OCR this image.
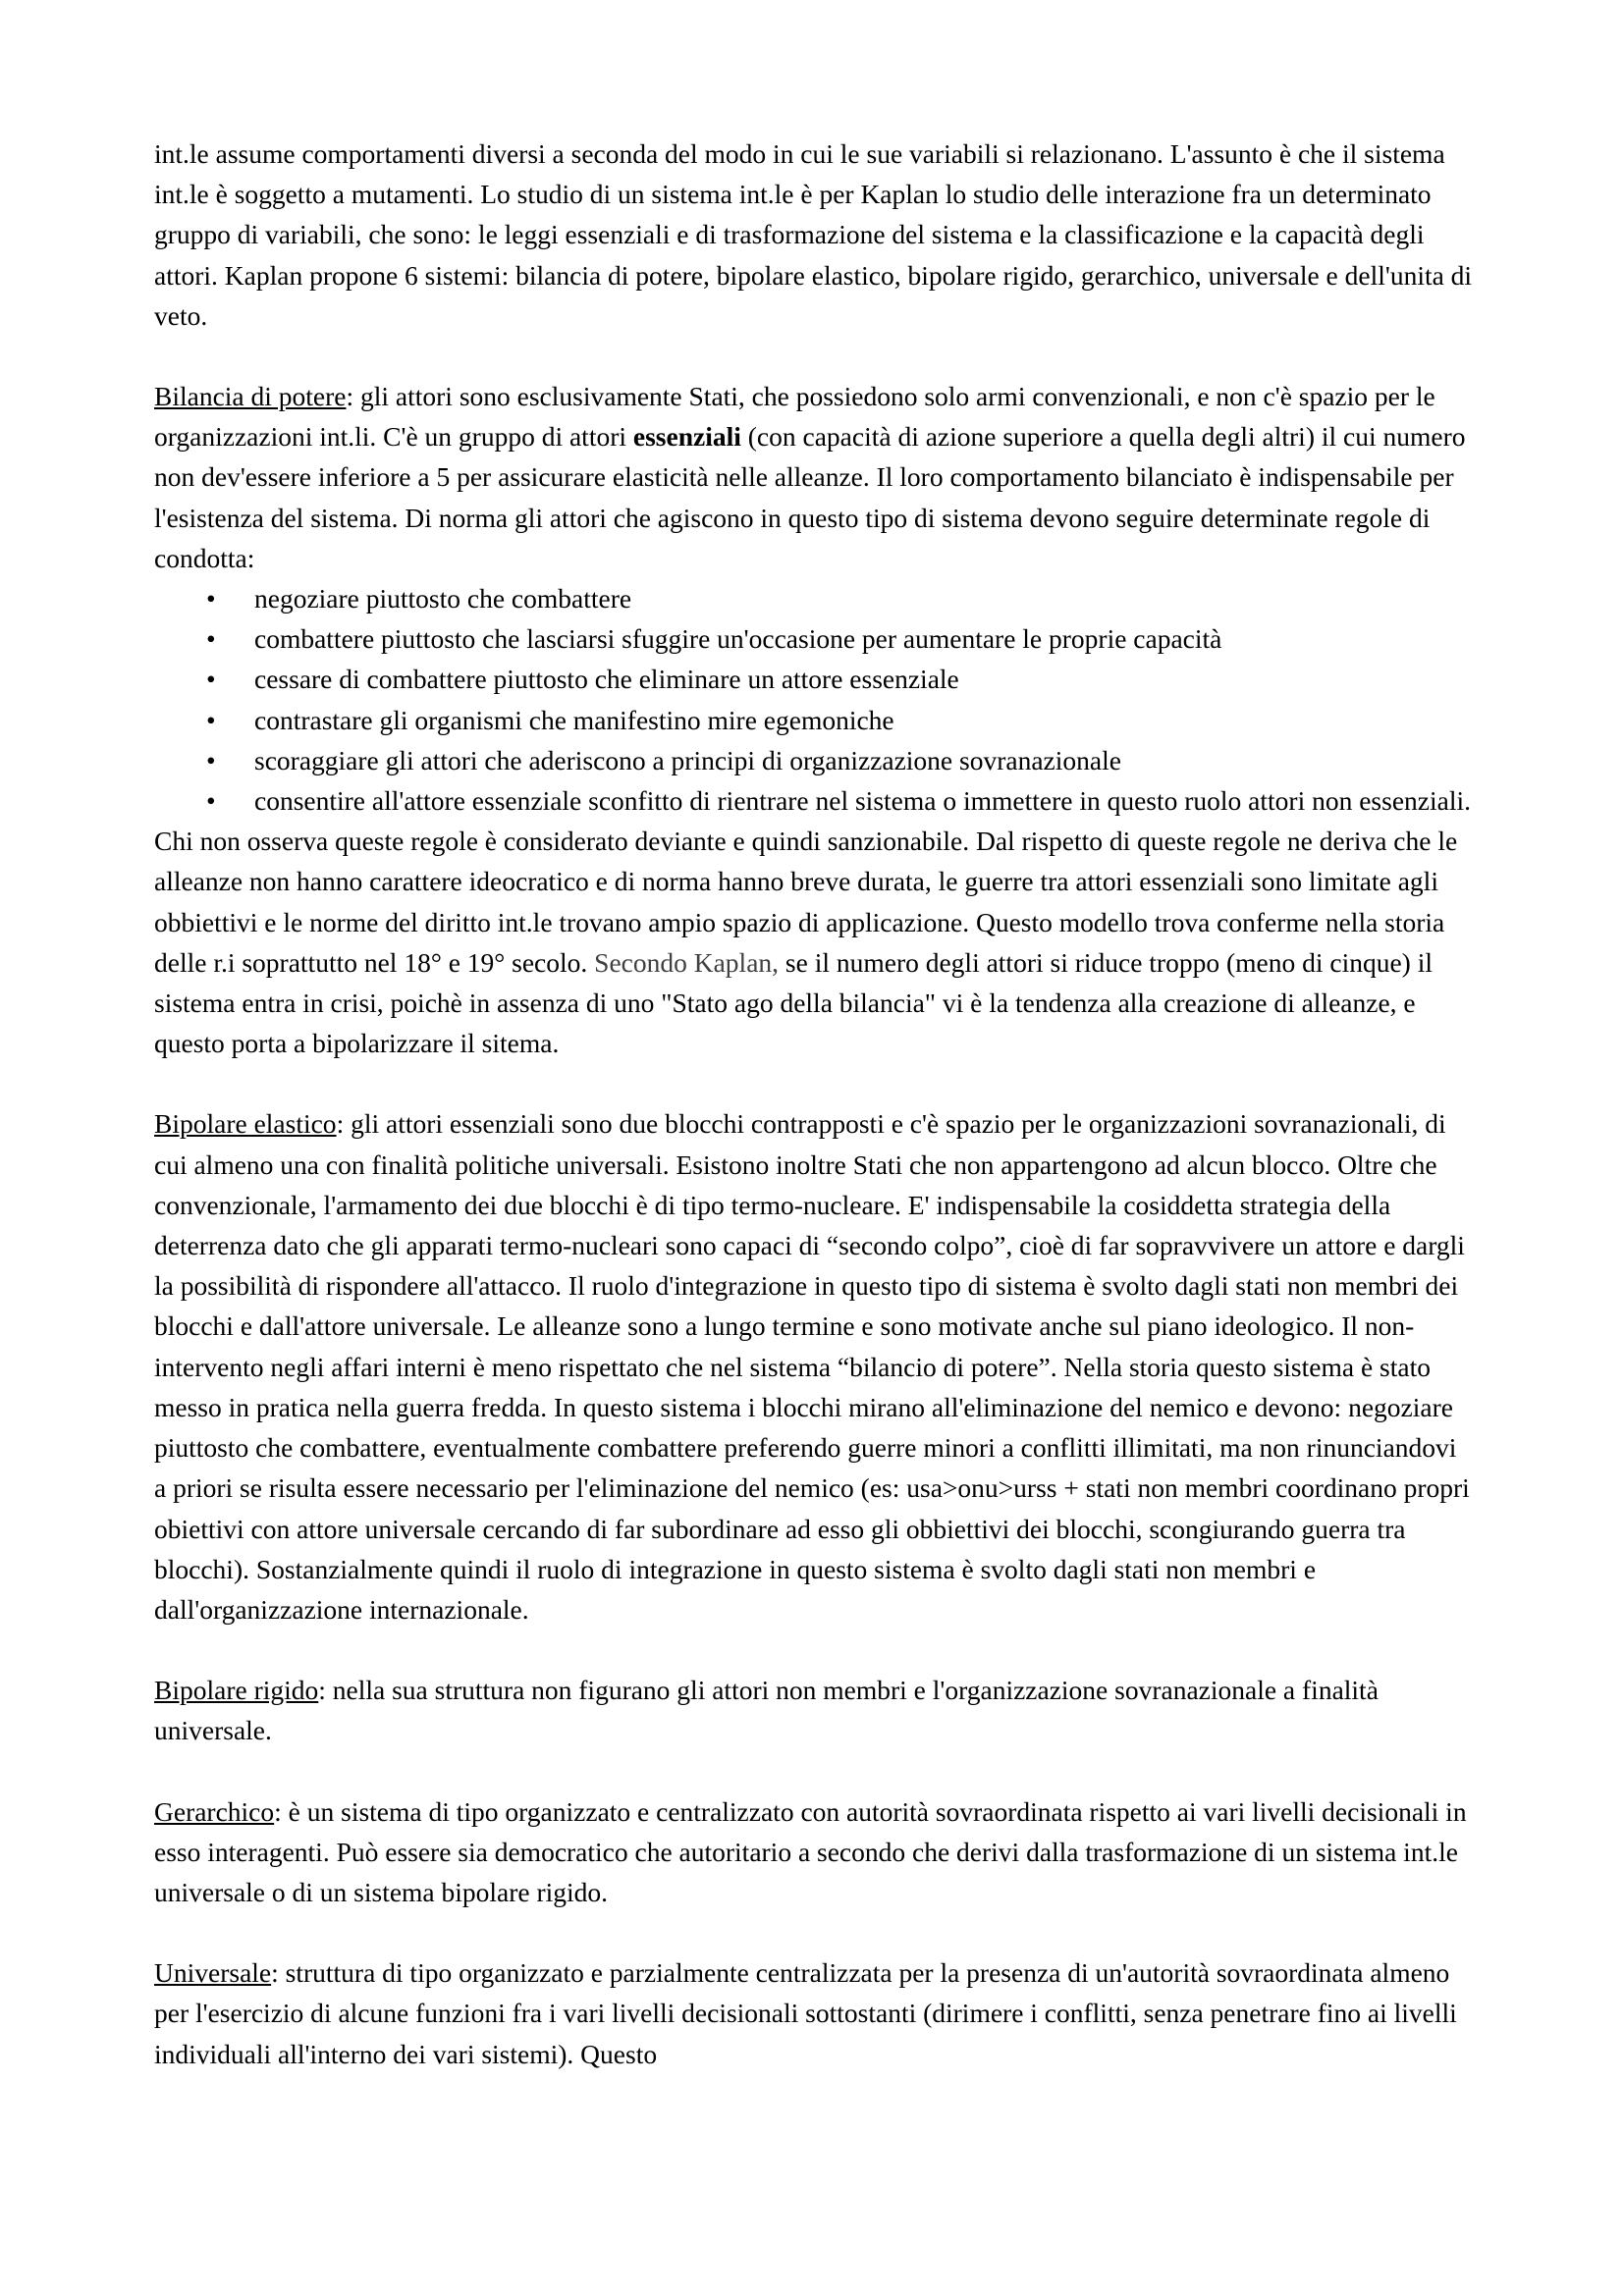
int.le assume comportamenti diversi a seconda del modo in cui le sue variabili si relazionano. L'assunto è che il sistema int.le è soggetto a mutamenti. Lo studio di un sistema int.le è per Kaplan lo studio delle interazione fra un determinato gruppo di variabili, che sono: le leggi essenziali e di trasformazione del sistema e la classificazione e la capacità degli attori. Kaplan propone 6 sistemi: bilancia di potere, bipolare elastico, bipolare rigido, gerarchico, universale e dell'unita di veto.

Bilancia di potere: gli attori sono esclusivamente Stati, che possiedono solo armi convenzionali, e non c'è spazio per le organizzazioni int.li. C'è un gruppo di attori essenziali (con capacità di azione superiore a quella degli altri) il cui numero non dev'essere inferiore a 5 per assicurare elasticità nelle alleanze. Il loro comportamento bilanciato è indispensabile per l'esistenza del sistema. Di norma gli attori che agiscono in questo tipo di sistema devono seguire determinate regole di condotta:

• negoziare piuttosto che combattere
• combattere piuttosto che lasciarsi sfuggire un'occasione per aumentare le proprie capacità
• cessare di combattere piuttosto che eliminare un attore essenziale
• contrastare gli organismi che manifestino mire egemoniche
• scoraggiare gli attori che aderiscono a principi di organizzazione sovranazionale
• consentire all'attore essenziale sconfitto di rientrare nel sistema o immettere in questo ruolo attori non essenziali.

Chi non osserva queste regole è considerato deviante e quindi sanzionabile. Dal rispetto di queste regole ne deriva che le alleanze non hanno carattere ideocratico e di norma hanno breve durata, le guerre tra attori essenziali sono limitate agli obbiettivi e le norme del diritto int.le trovano ampio spazio di applicazione. Questo modello trova conferme nella storia delle r.i soprattutto nel 18° e 19° secolo. Secondo Kaplan, se il numero degli attori si riduce troppo (meno di cinque) il sistema entra in crisi, poichè in assenza di uno "Stato ago della bilancia" vi è la tendenza alla creazione di alleanze, e questo porta a bipolarizzare il sitema.

Bipolare elastico: gli attori essenziali sono due blocchi contrapposti e c'è spazio per le organizzazioni sovranazionali, di cui almeno una con finalità politiche universali. Esistono inoltre Stati che non appartengono ad alcun blocco. Oltre che convenzionale, l'armamento dei due blocchi è di tipo termo-nucleare. E' indispensabile la cosiddetta strategia della deterrenza dato che gli apparati termo-nucleari sono capaci di “secondo colpo”, cioè di far sopravvivere un attore e dargli la possibilità di rispondere all'attacco. Il ruolo d'integrazione in questo tipo di sistema è svolto dagli stati non membri dei blocchi e dall'attore universale. Le alleanze sono a lungo termine e sono motivate anche sul piano ideologico. Il non-intervento negli affari interni è meno rispettato che nel sistema “bilancio di potere”. Nella storia questo sistema è stato messo in pratica nella guerra fredda. In questo sistema i blocchi mirano all'eliminazione del nemico e devono: negoziare piuttosto che combattere, eventualmente combattere preferendo guerre minori a conflitti illimitati, ma non rinunciandovi a priori se risulta essere necessario per l'eliminazione del nemico (es: usa>onu>urss + stati non membri coordinano propri obiettivi con attore universale cercando di far subordinare ad esso gli obbiettivi dei blocchi, scongiurando guerra tra blocchi). Sostanzialmente quindi il ruolo di integrazione in questo sistema è svolto dagli stati non membri e dall'organizzazione internazionale.

Bipolare rigido: nella sua struttura non figurano gli attori non membri e l'organizzazione sovranazionale a finalità universale.

Gerarchico: è un sistema di tipo organizzato e centralizzato con autorità sovraordinata rispetto ai vari livelli decisionali in esso interagenti. Può essere sia democratico che autoritario a secondo che derivi dalla trasformazione di un sistema int.le universale o di un sistema bipolare rigido.

Universale: struttura di tipo organizzato e parzialmente centralizzata per la presenza di un'autorità sovraordinata almeno per l'esercizio di alcune funzioni fra i vari livelli decisionali sottostanti (dirimere i conflitti, senza penetrare fino ai livelli individuali all'interno dei vari sistemi). Questo
